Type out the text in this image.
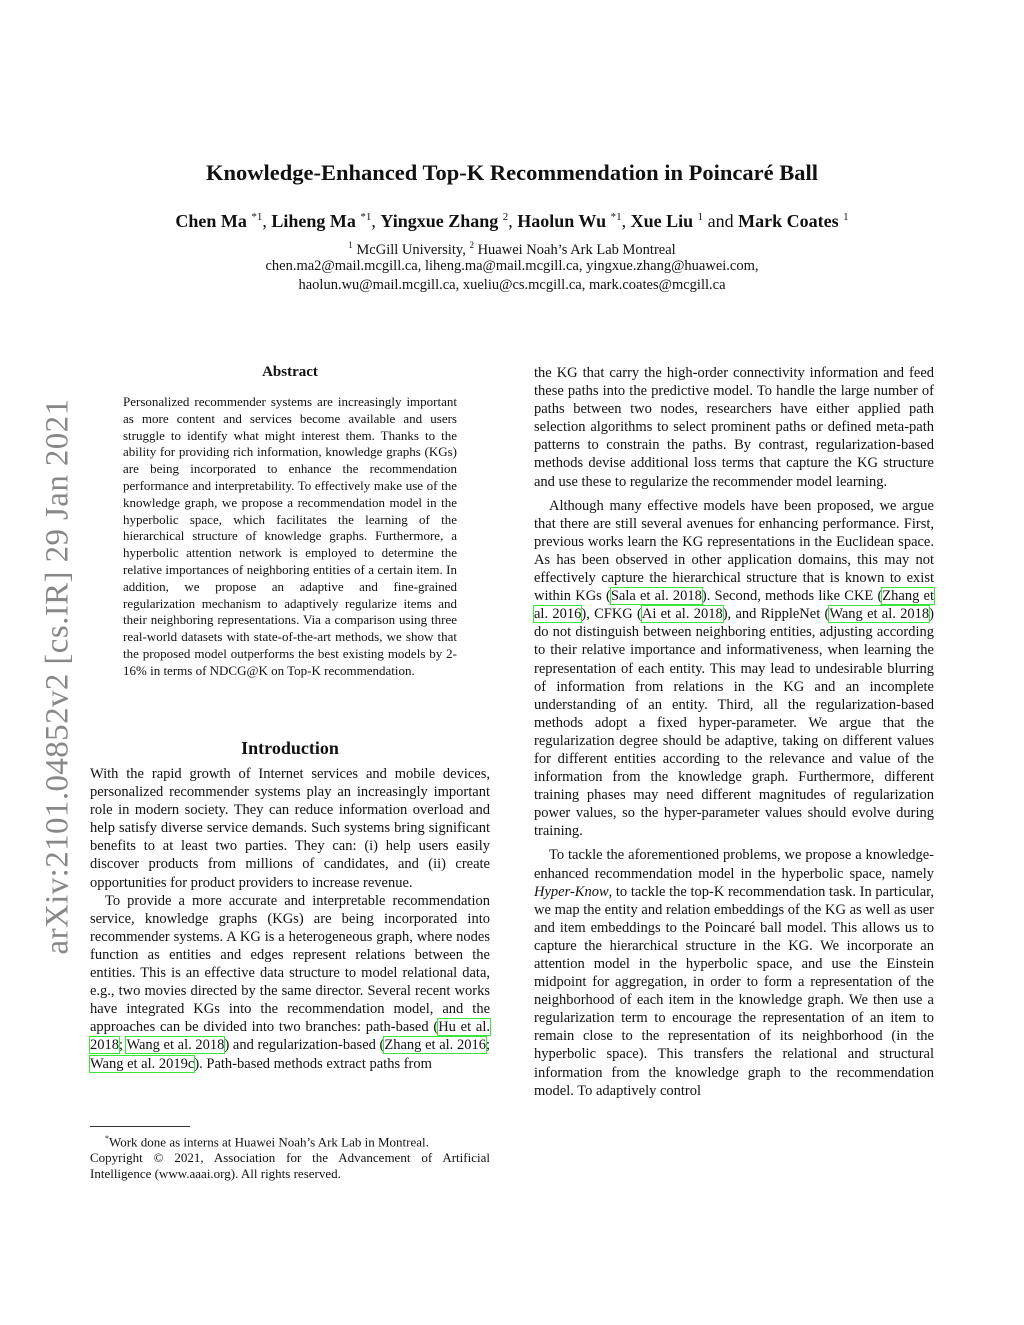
Knowledge-Enhanced Top-K Recommendation in Poincaré Ball
Chen Ma $^{*1}$, Liheng Ma $^{*1}$, Yingxue Zhang $^2$, Haolun Wu $^{*1}$, Xue Liu $^1$ and Mark Coates $^1$
$^1$ McGill University, $^2$ Huawei Noah’s Ark Lab Montreal
chen.ma2@mail.mcgill.ca, liheng.ma@mail.mcgill.ca, yingxue.zhang@huawei.com,
haolun.wu@mail.mcgill.ca, xueliu@cs.mcgill.ca, mark.coates@mcgill.ca
arXiv:2101.04852v2 [cs.IR] 29 Jan 2021
Abstract
Personalized recommender systems are increasingly important as more content and services become available and users struggle to identify what might interest them. Thanks to the ability for providing rich information, knowledge graphs (KGs) are being incorporated to enhance the recommendation performance and interpretability. To effectively make use of the knowledge graph, we propose a recommendation model in the hyperbolic space, which facilitates the learning of the hierarchical structure of knowledge graphs. Furthermore, a hyperbolic attention network is employed to determine the relative importances of neighboring entities of a certain item. In addition, we propose an adaptive and fine-grained regularization mechanism to adaptively regularize items and their neighboring representations. Via a comparison using three real-world datasets with state-of-the-art methods, we show that the proposed model outperforms the best existing models by 2-16% in terms of NDCG@K on Top-K recommendation.
Introduction

With the rapid growth of Internet services and mobile devices, personalized recommender systems play an increasingly important role in modern society. They can reduce information overload and help satisfy diverse service demands. Such systems bring significant benefits to at least two parties. They can: (i) help users easily discover products from millions of candidates, and (ii) create opportunities for product providers to increase revenue.

To provide a more accurate and interpretable recommendation service, knowledge graphs (KGs) are being incorporated into recommender systems. A KG is a heterogeneous graph, where nodes function as entities and edges represent relations between the entities. This is an effective data structure to model relational data, e.g., two movies directed by the same director. Several recent works have integrated KGs into the recommendation model, and the approaches can be divided into two branches: path-based (Hu et al. 2018; Wang et al. 2018) and regularization-based (Zhang et al. 2016; Wang et al. 2019c). Path-based methods extract paths from

*Work done as interns at Huawei Noah’s Ark Lab in Montreal.

Copyright © 2021, Association for the Advancement of Artificial Intelligence (www.aaai.org). All rights reserved.

the KG that carry the high-order connectivity information and feed these paths into the predictive model. To handle the large number of paths between two nodes, researchers have either applied path selection algorithms to select prominent paths or defined meta-path patterns to constrain the paths. By contrast, regularization-based methods devise additional loss terms that capture the KG structure and use these to regularize the recommender model learning.

Although many effective models have been proposed, we argue that there are still several avenues for enhancing performance. First, previous works learn the KG representations in the Euclidean space. As has been observed in other application domains, this may not effectively capture the hierarchical structure that is known to exist within KGs (Sala et al. 2018). Second, methods like CKE (Zhang et al. 2016), CFKG (Ai et al. 2018), and RippleNet (Wang et al. 2018) do not distinguish between neighboring entities, adjusting according to their relative importance and informativeness, when learning the representation of each entity. This may lead to undesirable blurring of information from relations in the KG and an incomplete understanding of an entity. Third, all the regularization-based methods adopt a fixed hyper-parameter. We argue that the regularization degree should be adaptive, taking on different values for different entities according to the relevance and value of the information from the knowledge graph. Furthermore, different training phases may need different magnitudes of regularization power values, so the hyper-parameter values should evolve during training.

To tackle the aforementioned problems, we propose a knowledge-enhanced recommendation model in the hyperbolic space, namely Hyper-Know, to tackle the top-K recommendation task. In particular, we map the entity and relation embeddings of the KG as well as user and item embeddings to the Poincaré ball model. This allows us to capture the hierarchical structure in the KG. We incorporate an attention model in the hyperbolic space, and use the Einstein midpoint for aggregation, in order to form a representation of the neighborhood of each item in the knowledge graph. We then use a regularization term to encourage the representation of an item to remain close to the representation of its neighborhood (in the hyperbolic space). This transfers the relational and structural information from the knowledge graph to the recommendation model. To adaptively control
